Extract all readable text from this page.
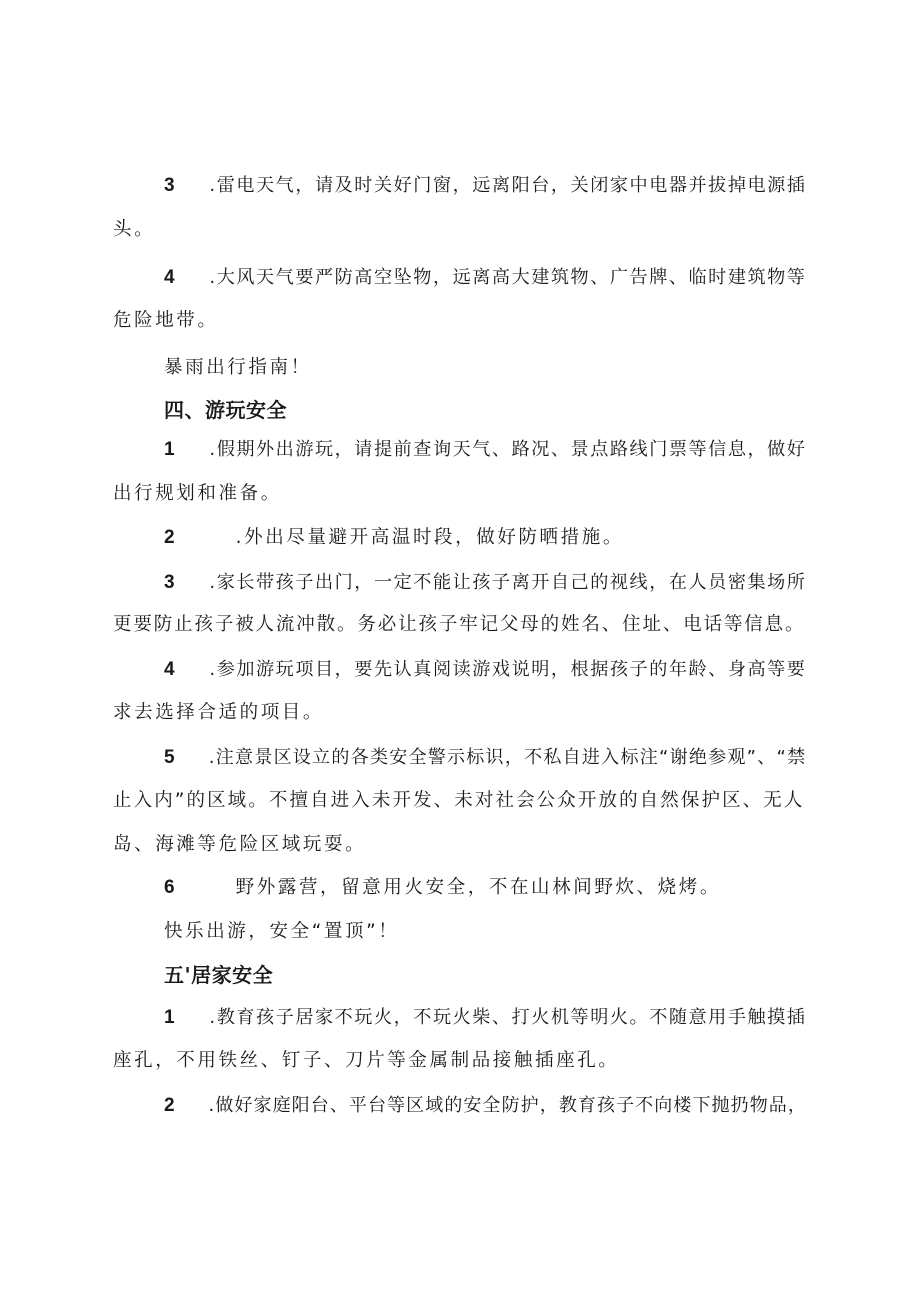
3 .雷电天气，请及时关好门窗，远离阳台，关闭家中电器并拔掉电源插
头。
4 .大风天气要严防高空坠物，远离高大建筑物、广告牌、临时建筑物等
危险地带。
暴雨出行指南！
四、游玩安全
1 .假期外出游玩，请提前查询天气、路况、景点路线门票等信息，做好
出行规划和准备。
2	.外出尽量避开高温时段，做好防晒措施。
3 .家长带孩子出门，一定不能让孩子离开自己的视线，在人员密集场所
更要防止孩子被人流冲散。务必让孩子牢记父母的姓名、住址、电话等信息。
4 .参加游玩项目，要先认真阅读游戏说明，根据孩子的年龄、身高等要
求去选择合适的项目。
5 .注意景区设立的各类安全警示标识，不私自进入标注“谢绝参观”、“禁
止入内”的区域。不擅自进入未开发、未对社会公众开放的自然保护区、无人
岛、海滩等危险区域玩耍。
6	野外露营，留意用火安全，不在山林间野炊、烧烤。
快乐出游，安全“置顶”！
五'居家安全
1 .教育孩子居家不玩火，不玩火柴、打火机等明火。不随意用手触摸插
座孔，不用铁丝、钉子、刀片等金属制品接触插座孔。
2 .做好家庭阳台、平台等区域的安全防护，教育孩子不向楼下抛扔物品，
